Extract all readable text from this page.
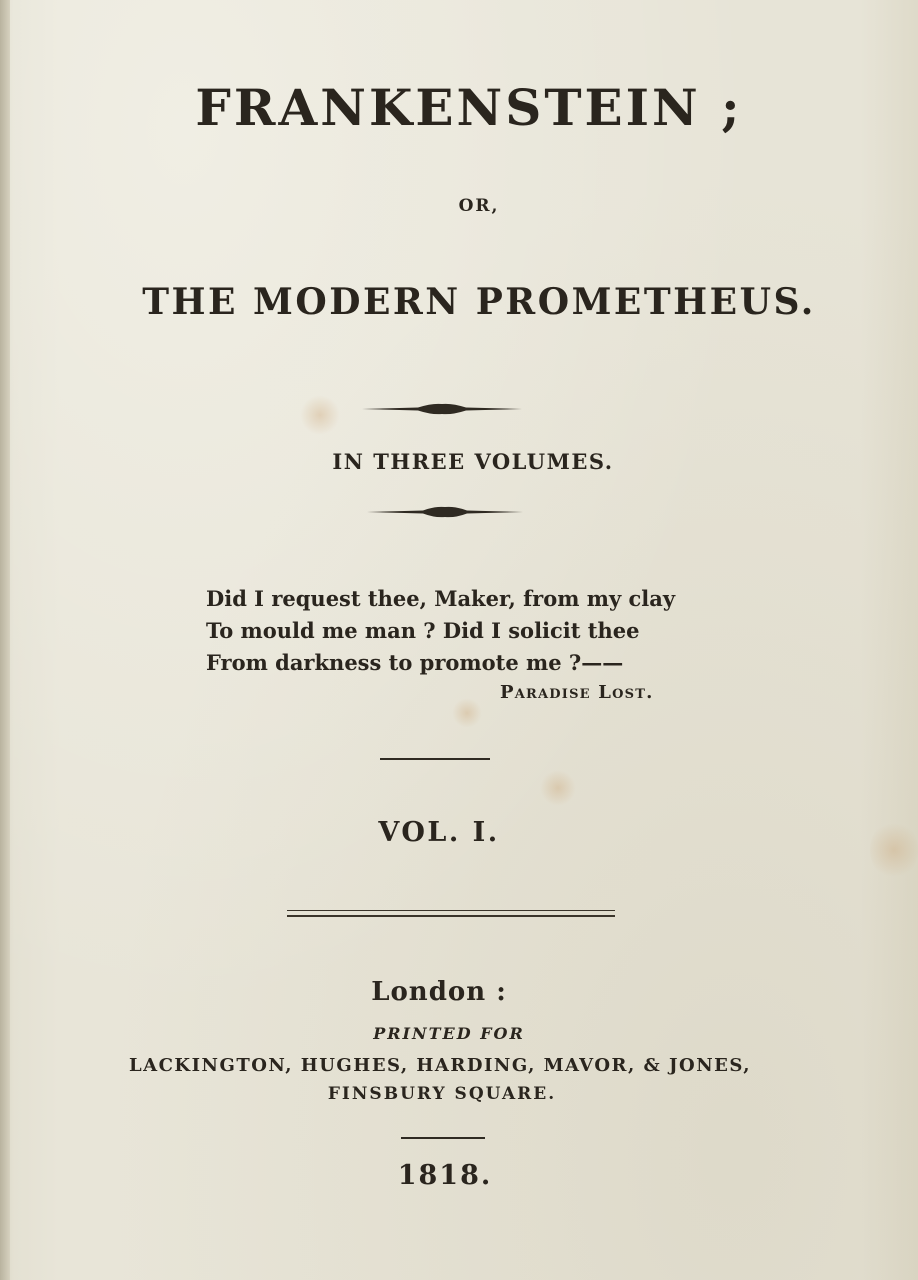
FRANKENSTEIN ;
OR,
THE MODERN PROMETHEUS.
IN THREE VOLUMES.
Did I request thee, Maker, from my clay
To mould me man ? Did I solicit thee
From darkness to promote me ?——
Paradise Lost.
VOL. I.
London :
PRINTED FOR
LACKINGTON, HUGHES, HARDING, MAVOR, & JONES,
FINSBURY SQUARE.
1818.
